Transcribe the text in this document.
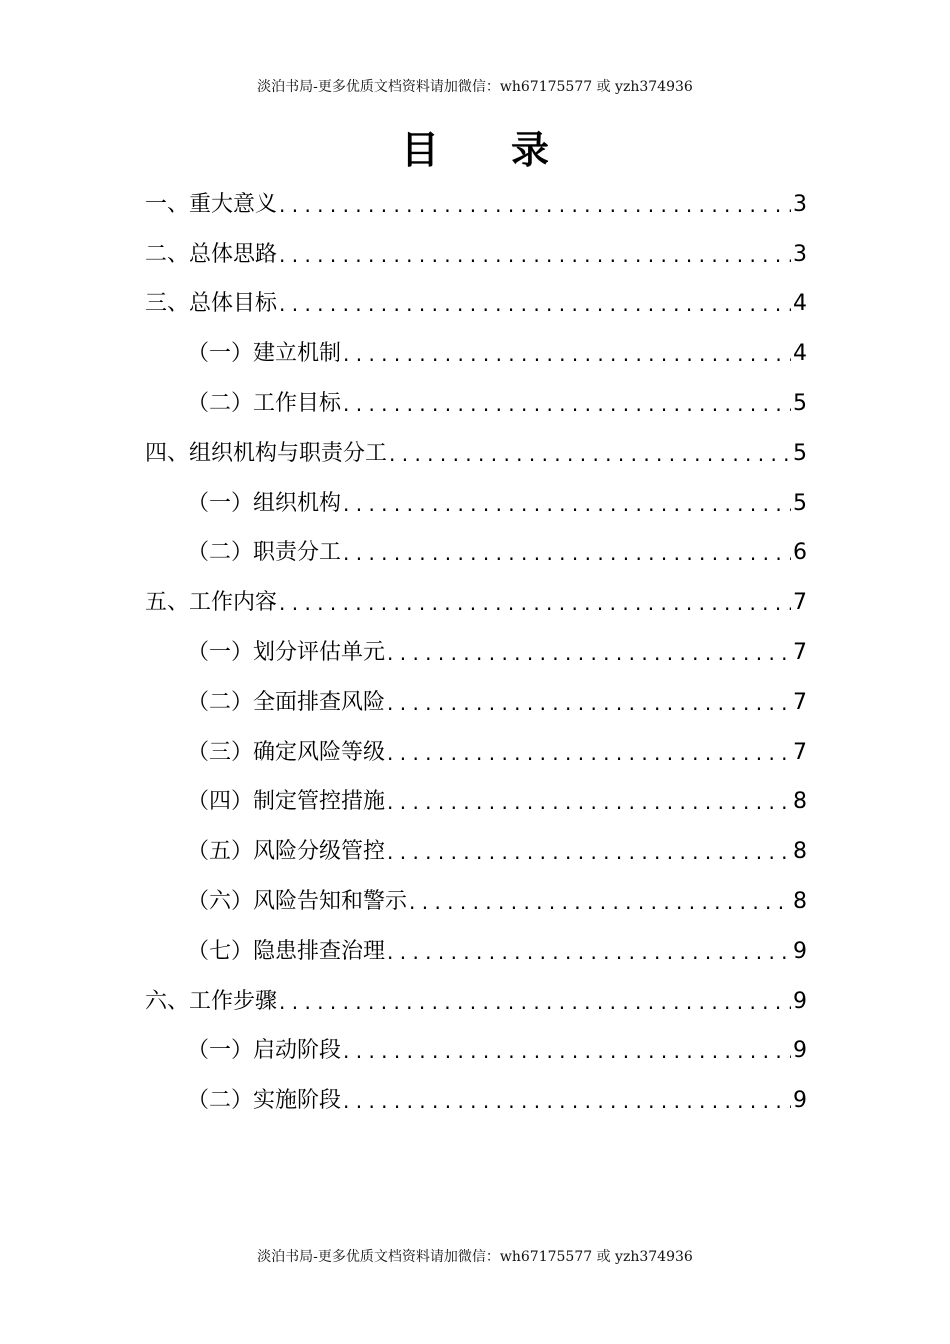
淡泊书局-更多优质文档资料请加微信：wh67175577 或 yzh374936
目 录
一、重大意义 . . .	3
二、总体思路 . . .	3
三、总体目标 . . .	4
（一）建立机制 . . .	4
（二）工作目标 . . .	5
四、组织机构与职责分工 . . .	5
（一）组织机构 . . .	5
（二）职责分工 . . .	6
五、工作内容 . . .	7
（一）划分评估单元 . . .	7
（二）全面排查风险 . . .	7
（三）确定风险等级 . . .	7
（四）制定管控措施 . . .	8
（五）风险分级管控 . . .	8
（六）风险告知和警示 . . .	8
（七）隐患排查治理 . . .	9
六、工作步骤 . . .	9
（一）启动阶段 . . .	9
（二）实施阶段 . . .	9
淡泊书局-更多优质文档资料请加微信：wh67175577 或 yzh374936
